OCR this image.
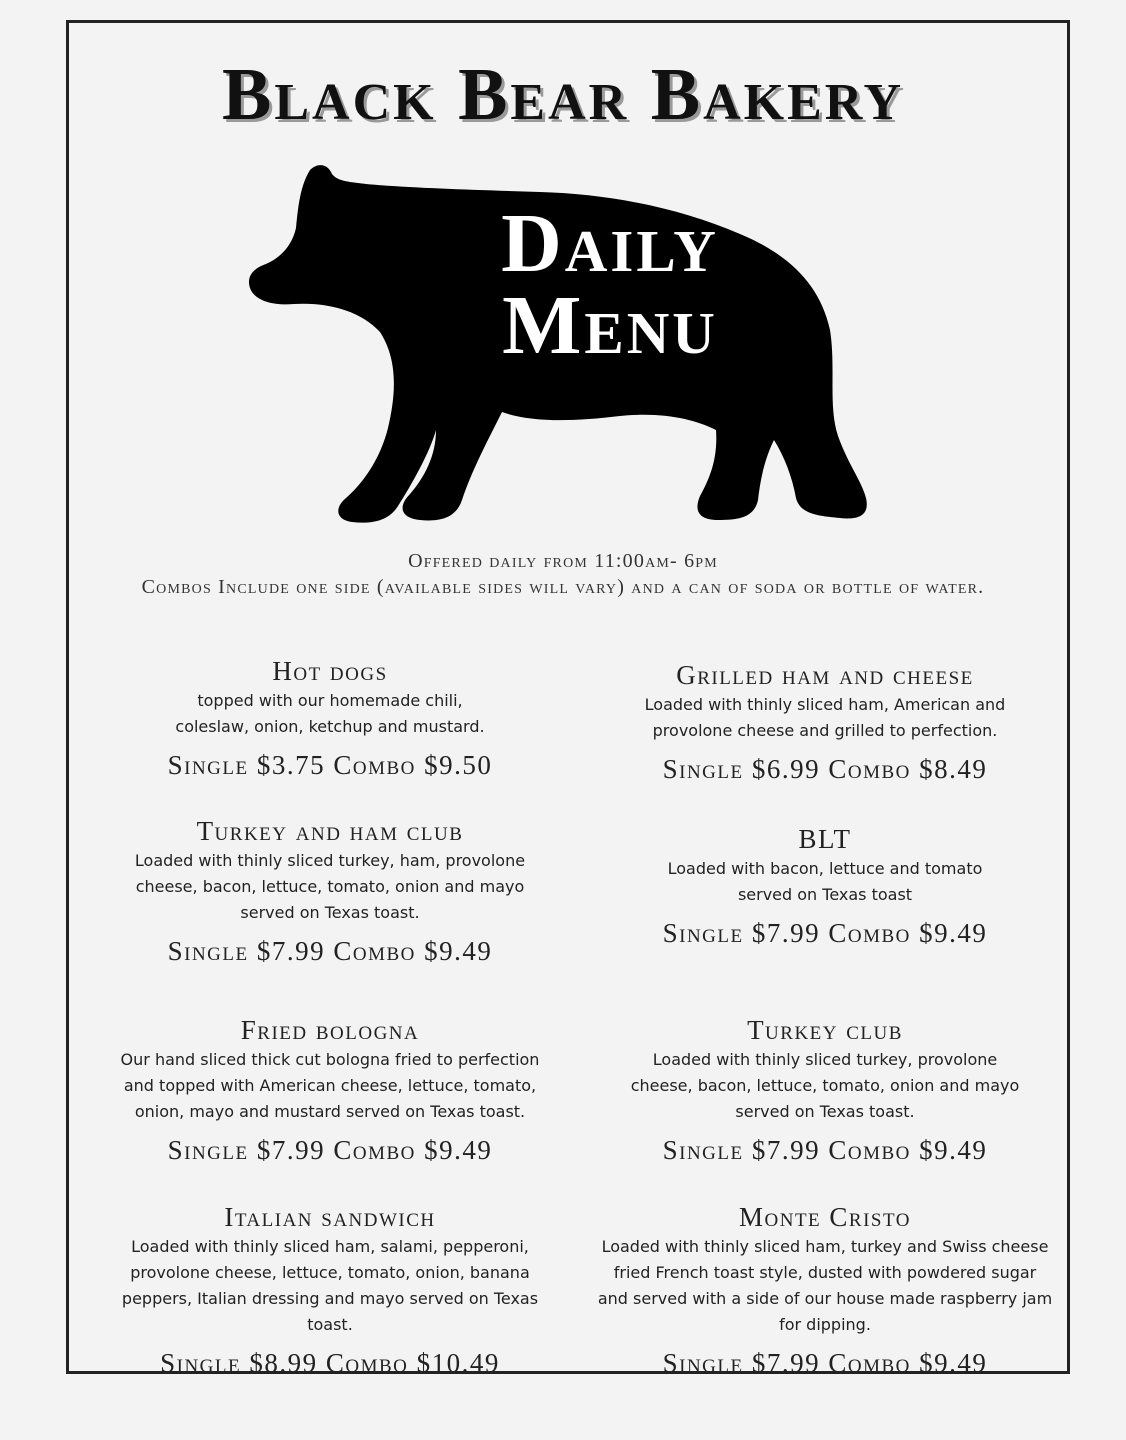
Black Bear Bakery
Daily
Menu
Offered daily from 11:00am- 6pm
Combos Include one side (available sides will vary) and a can of soda or bottle of water.
Hot dogs
topped with our homemade chili,
coleslaw, onion, ketchup and mustard.
Single $3.75 Combo $9.50
Turkey and ham club
Loaded with thinly sliced turkey, ham, provolone
cheese, bacon, lettuce, tomato, onion and mayo
served on Texas toast.
Single $7.99 Combo $9.49
Fried bologna
Our hand sliced thick cut bologna fried to perfection
and topped with American cheese, lettuce, tomato,
onion, mayo and mustard served on Texas toast.
Single $7.99 Combo $9.49
Italian sandwich
Loaded with thinly sliced ham, salami, pepperoni,
provolone cheese, lettuce, tomato, onion, banana
peppers, Italian dressing and mayo served on Texas
toast.
Single $8.99 Combo $10.49
Grilled ham and cheese
Loaded with thinly sliced ham, American and
provolone cheese and grilled to perfection.
Single $6.99 Combo $8.49
BLT
Loaded with bacon, lettuce and tomato
served on Texas toast
Single $7.99 Combo $9.49
Turkey club
Loaded with thinly sliced turkey, provolone
cheese, bacon, lettuce, tomato, onion and mayo
served on Texas toast.
Single $7.99 Combo $9.49
Monte Cristo
Loaded with thinly sliced ham, turkey and Swiss cheese
fried French toast style, dusted with powdered sugar
and served with a side of our house made raspberry jam
for dipping.
Single $7.99 Combo $9.49
